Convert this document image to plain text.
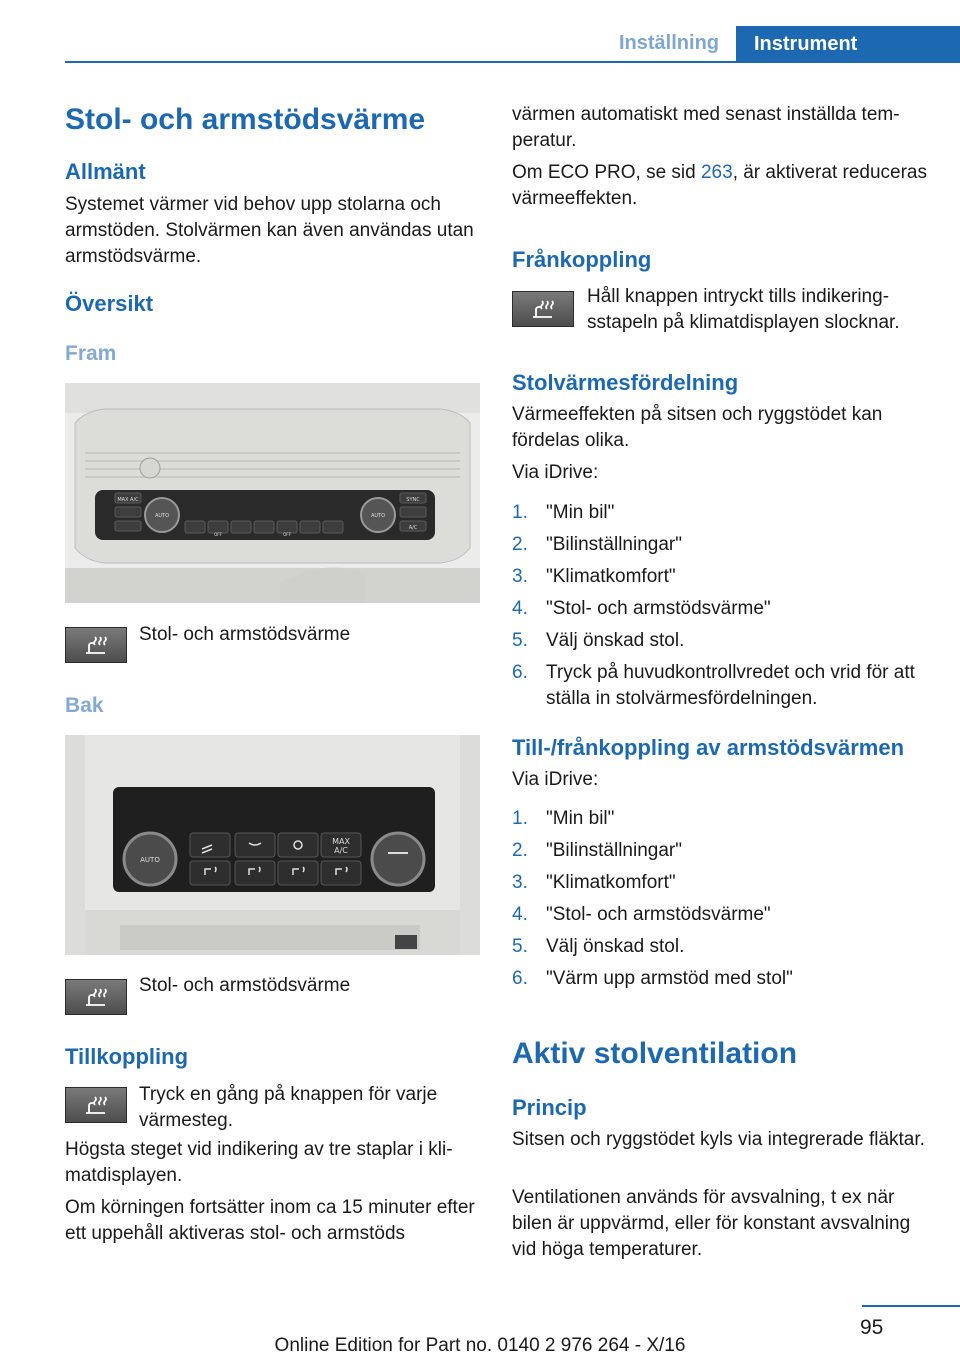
Inställning	Instrument
Stol- och armstödsvärme
Allmänt
Systemet värmer vid behov upp stolarna och armstöden. Stolvärmen kan även användas utan armstödsvärme.
Översikt
Fram
MAX A/C
AUTO	AUTO
SYNC
A/C
OFF	OFF
Stol- och armstödsvärme
Bak
MAX
A/C
AUTO
Stol- och armstödsvärme
Tillkoppling
Tryck en gång på knappen för varje värmesteg.
Högsta steget vid indikering av tre staplar i klimatdisplayen.
Om körningen fortsätter inom ca 15 minuter efter ett uppehåll aktiveras stol- och armstöds
värmen automatiskt med senast inställda temperatur.
Om ECO PRO, se sid 263, är aktiverat reduceras värmeeffekten.
Frånkoppling
Håll knappen intryckt tills indikeringsstapeln på klimatdisplayen slocknar.
Stolvärmesfördelning
Värmeeffekten på sitsen och ryggstödet kan fördelas olika.
Via iDrive:
1. "Min bil"
2. "Bilinställningar"
3. "Klimatkomfort"
4. "Stol- och armstödsvärme"
5. Välj önskad stol.
6. Tryck på huvudkontrollvredet och vrid för att ställa in stolvärmesfördelningen.
Till-/frånkoppling av armstödsvärmen
Via iDrive:
1. "Min bil"
2. "Bilinställningar"
3. "Klimatkomfort"
4. "Stol- och armstödsvärme"
5. Välj önskad stol.
6. "Värm upp armstöd med stol"
Aktiv stolventilation
Princip
Sitsen och ryggstödet kyls via integrerade fläktar.
Ventilationen används för avsvalning, t ex när bilen är uppvärmd, eller för konstant avsvalning vid höga temperaturer.
95
Online Edition for Part no. 0140 2 976 264 - X/16
